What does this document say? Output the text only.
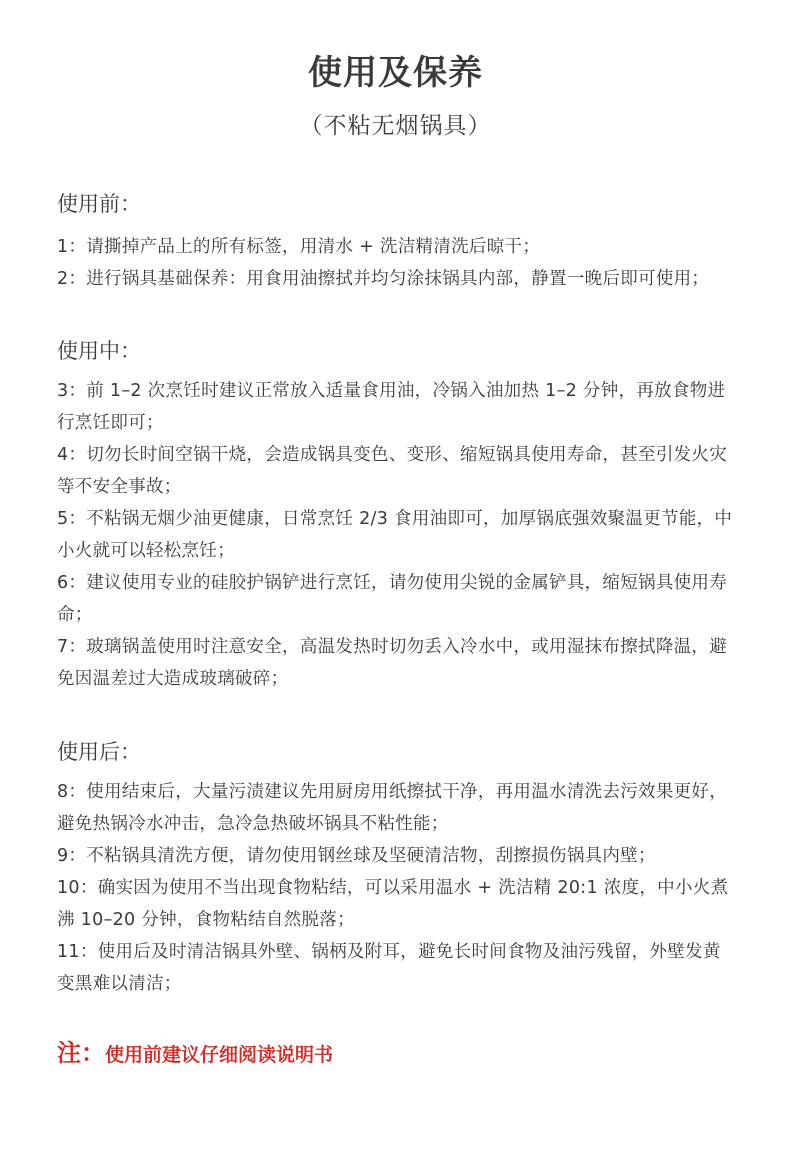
使用及保养

（不粘无烟锅具）

使用前：

1：请撕掉产品上的所有标签，用清水 + 洗洁精清洗后晾干；

2：进行锅具基础保养：用食用油擦拭并均匀涂抹锅具内部，静置一晚后即可使用；

使用中：

3：前 1–2 次烹饪时建议正常放入适量食用油，冷锅入油加热 1–2 分钟，再放食物进行烹饪即可；

4：切勿长时间空锅干烧，会造成锅具变色、变形、缩短锅具使用寿命，甚至引发火灾等不安全事故；

5：不粘锅无烟少油更健康，日常烹饪 2/3 食用油即可，加厚锅底强效聚温更节能，中小火就可以轻松烹饪；

6：建议使用专业的硅胶护锅铲进行烹饪，请勿使用尖锐的金属铲具，缩短锅具使用寿命；

7：玻璃锅盖使用时注意安全，高温发热时切勿丢入冷水中，或用湿抹布擦拭降温，避免因温差过大造成玻璃破碎；

使用后：

8：使用结束后，大量污渍建议先用厨房用纸擦拭干净，再用温水清洗去污效果更好，避免热锅冷水冲击，急冷急热破坏锅具不粘性能；

9：不粘锅具清洗方便，请勿使用钢丝球及坚硬清洁物，刮擦损伤锅具内壁；

10：确实因为使用不当出现食物粘结，可以采用温水 + 洗洁精 20:1 浓度，中小火煮沸 10–20 分钟，食物粘结自然脱落；

11：使用后及时清洁锅具外壁、锅柄及附耳，避免长时间食物及油污残留，外壁发黄变黑难以清洁；

注：使用前建议仔细阅读说明书
